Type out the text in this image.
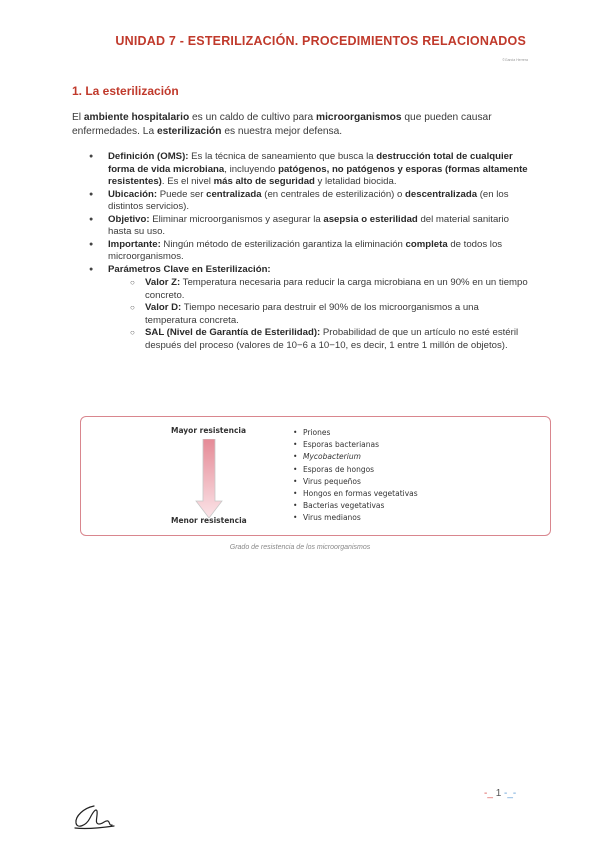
UNIDAD 7 - ESTERILIZACIÓN. PROCEDIMIENTOS RELACIONADOS
©Garcia Herrera
1. La esterilización

El ambiente hospitalario es un caldo de cultivo para microorganismos que pueden causar enfermedades. La esterilización es nuestra mejor defensa.

● Definición (OMS): Es la técnica de saneamiento que busca la destrucción total de cualquier forma de vida microbiana, incluyendo patógenos, no patógenos y esporas (formas altamente resistentes). Es el nivel más alto de seguridad y letalidad biocida.
● Ubicación: Puede ser centralizada (en centrales de esterilización) o descentralizada (en los distintos servicios).
● Objetivo: Eliminar microorganismos y asegurar la asepsia o esterilidad del material sanitario hasta su uso.
● Importante: Ningún método de esterilización garantiza la eliminación completa de todos los microorganismos.
● Parámetros Clave en Esterilización:
○ Valor Z: Temperatura necesaria para reducir la carga microbiana en un 90% en un tiempo concreto.
○ Valor D: Tiempo necesario para destruir el 90% de los microorganismos a una temperatura concreta.
○ SAL (Nivel de Garantía de Esterilidad): Probabilidad de que un artículo no esté estéril después del proceso (valores de 10−6 a 10−10, es decir, 1 entre 1 millón de objetos).
Mayor resistencia
Menor resistencia
• Priones
• Esporas bacterianas
• Mycobacterium
• Esporas de hongos
• Virus pequeños
• Hongos en formas vegetativas
• Bacterias vegetativas
• Virus medianos
Grado de resistencia de los microorganismos
-_ 1 -_-
